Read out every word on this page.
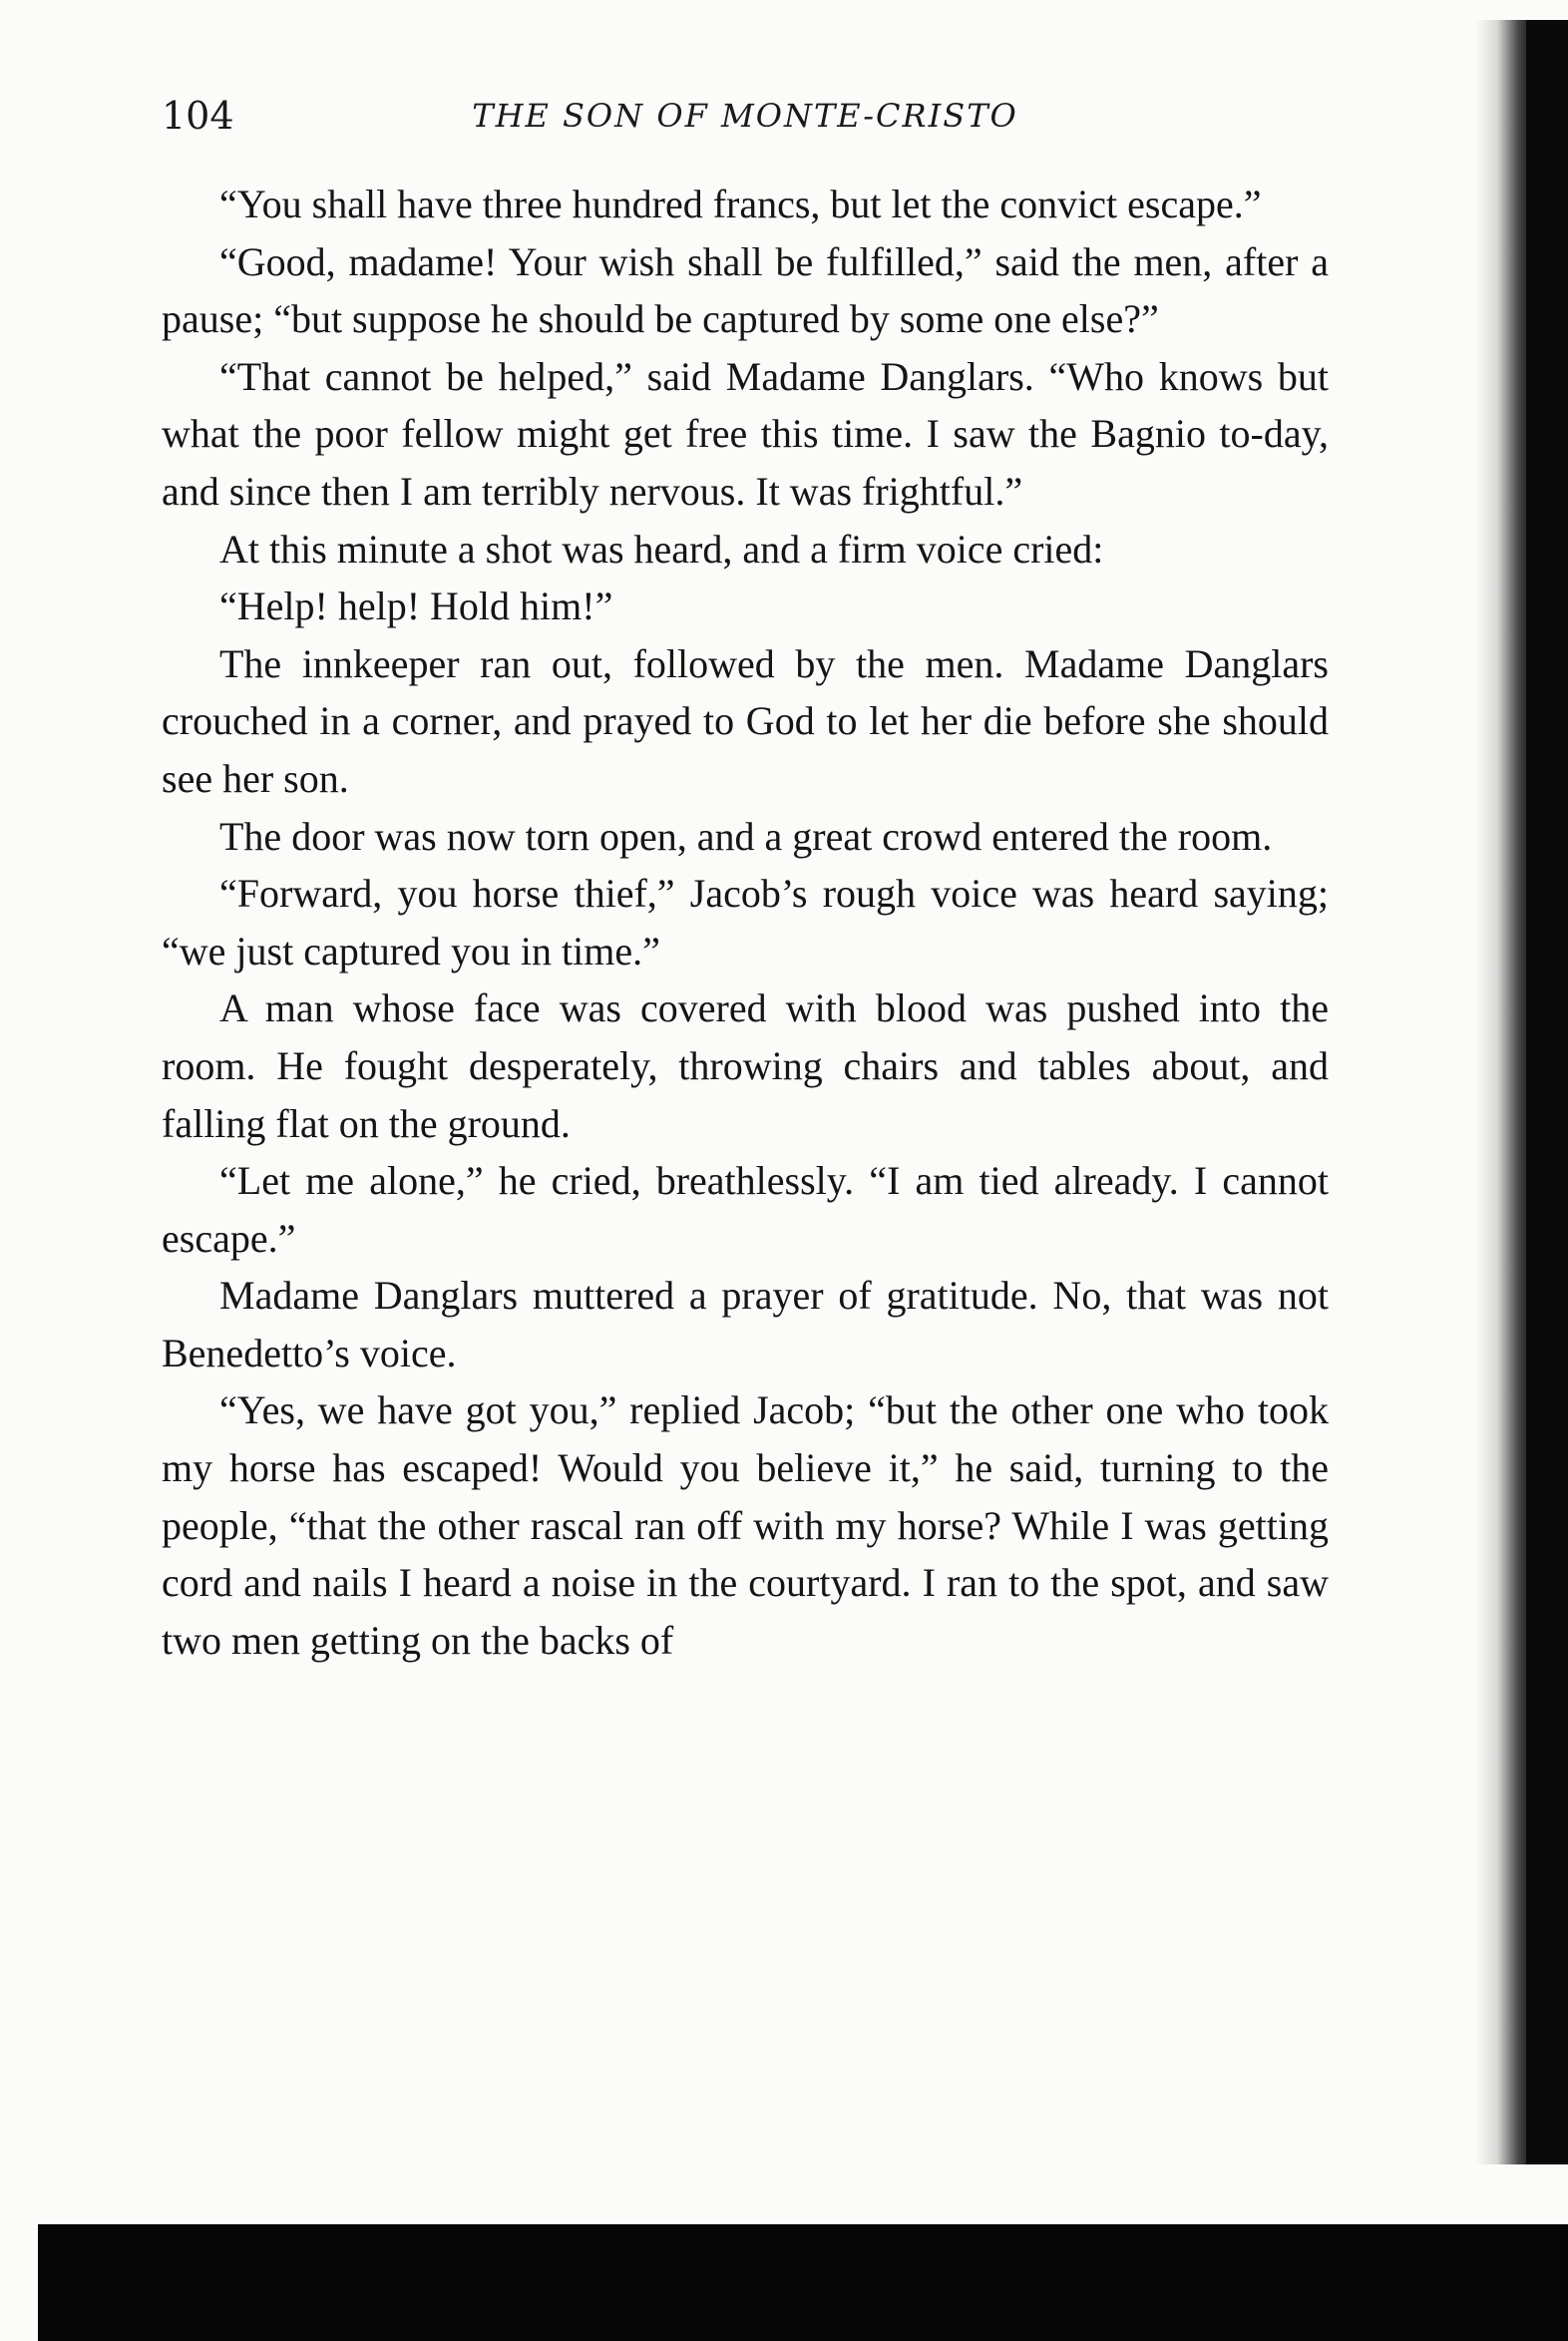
104	THE SON OF MONTE-CRISTO

“You shall have three hundred francs, but let the convict escape.”

“Good, madame! Your wish shall be fulfilled,” said the men, after a pause; “but suppose he should be captured by some one else?”

“That cannot be helped,” said Madame Danglars. “Who knows but what the poor fellow might get free this time. I saw the Bagnio to-day, and since then I am terribly nervous. It was frightful.”

At this minute a shot was heard, and a firm voice cried:

“Help! help! Hold him!”

The innkeeper ran out, followed by the men. Madame Danglars crouched in a corner, and prayed to God to let her die before she should see her son.

The door was now torn open, and a great crowd entered the room.

“Forward, you horse thief,” Jacob’s rough voice was heard saying; “we just captured you in time.”

A man whose face was covered with blood was pushed into the room. He fought desperately, throwing chairs and tables about, and falling flat on the ground.

“Let me alone,” he cried, breathlessly. “I am tied already. I cannot escape.”

Madame Danglars muttered a prayer of gratitude. No, that was not Benedetto’s voice.

“Yes, we have got you,” replied Jacob; “but the other one who took my horse has escaped! Would you believe it,” he said, turning to the people, “that the other rascal ran off with my horse? While I was getting cord and nails I heard a noise in the courtyard. I ran to the spot, and saw two men getting on the backs of
